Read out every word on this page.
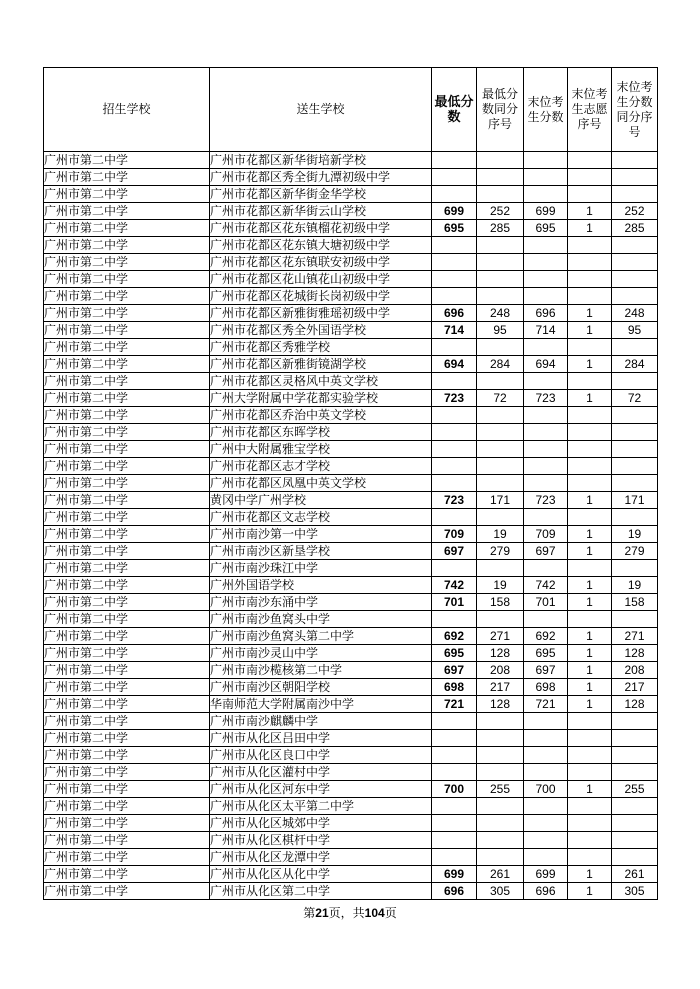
招生学校	送生学校	最低分数	最低分数同分序号	末位考生分数	末位考生志愿序号	末位考生分数同分序号
广州市第二中学	广州市花都区新华街培新学校					
广州市第二中学	广州市花都区秀全街九潭初级中学					
广州市第二中学	广州市花都区新华街金华学校					
广州市第二中学	广州市花都区新华街云山学校	699	252	699	1	252
广州市第二中学	广州市花都区花东镇榴花初级中学	695	285	695	1	285
广州市第二中学	广州市花都区花东镇大塘初级中学					
广州市第二中学	广州市花都区花东镇联安初级中学					
广州市第二中学	广州市花都区花山镇花山初级中学					
广州市第二中学	广州市花都区花城街长岗初级中学					
广州市第二中学	广州市花都区新雅街雅瑶初级中学	696	248	696	1	248
广州市第二中学	广州市花都区秀全外国语学校	714	95	714	1	95
广州市第二中学	广州市花都区秀雅学校					
广州市第二中学	广州市花都区新雅街镜湖学校	694	284	694	1	284
广州市第二中学	广州市花都区灵格风中英文学校					
广州市第二中学	广州大学附属中学花都实验学校	723	72	723	1	72
广州市第二中学	广州市花都区乔治中英文学校					
广州市第二中学	广州市花都区东晖学校					
广州市第二中学	广州中大附属雅宝学校					
广州市第二中学	广州市花都区志才学校					
广州市第二中学	广州市花都区凤凰中英文学校					
广州市第二中学	黄冈中学广州学校	723	171	723	1	171
广州市第二中学	广州市花都区文志学校					
广州市第二中学	广州市南沙第一中学	709	19	709	1	19
广州市第二中学	广州市南沙区新垦学校	697	279	697	1	279
广州市第二中学	广州市南沙珠江中学					
广州市第二中学	广州外国语学校	742	19	742	1	19
广州市第二中学	广州市南沙东涌中学	701	158	701	1	158
广州市第二中学	广州市南沙鱼窝头中学					
广州市第二中学	广州市南沙鱼窝头第二中学	692	271	692	1	271
广州市第二中学	广州市南沙灵山中学	695	128	695	1	128
广州市第二中学	广州市南沙榄核第二中学	697	208	697	1	208
广州市第二中学	广州市南沙区朝阳学校	698	217	698	1	217
广州市第二中学	华南师范大学附属南沙中学	721	128	721	1	128
广州市第二中学	广州市南沙麒麟中学					
广州市第二中学	广州市从化区吕田中学					
广州市第二中学	广州市从化区良口中学					
广州市第二中学	广州市从化区灌村中学					
广州市第二中学	广州市从化区河东中学	700	255	700	1	255
广州市第二中学	广州市从化区太平第二中学					
广州市第二中学	广州市从化区城郊中学					
广州市第二中学	广州市从化区棋杆中学					
广州市第二中学	广州市从化区龙潭中学					
广州市第二中学	广州市从化区从化中学	699	261	699	1	261
广州市第二中学	广州市从化区第二中学	696	305	696	1	305
第21页，共104页
